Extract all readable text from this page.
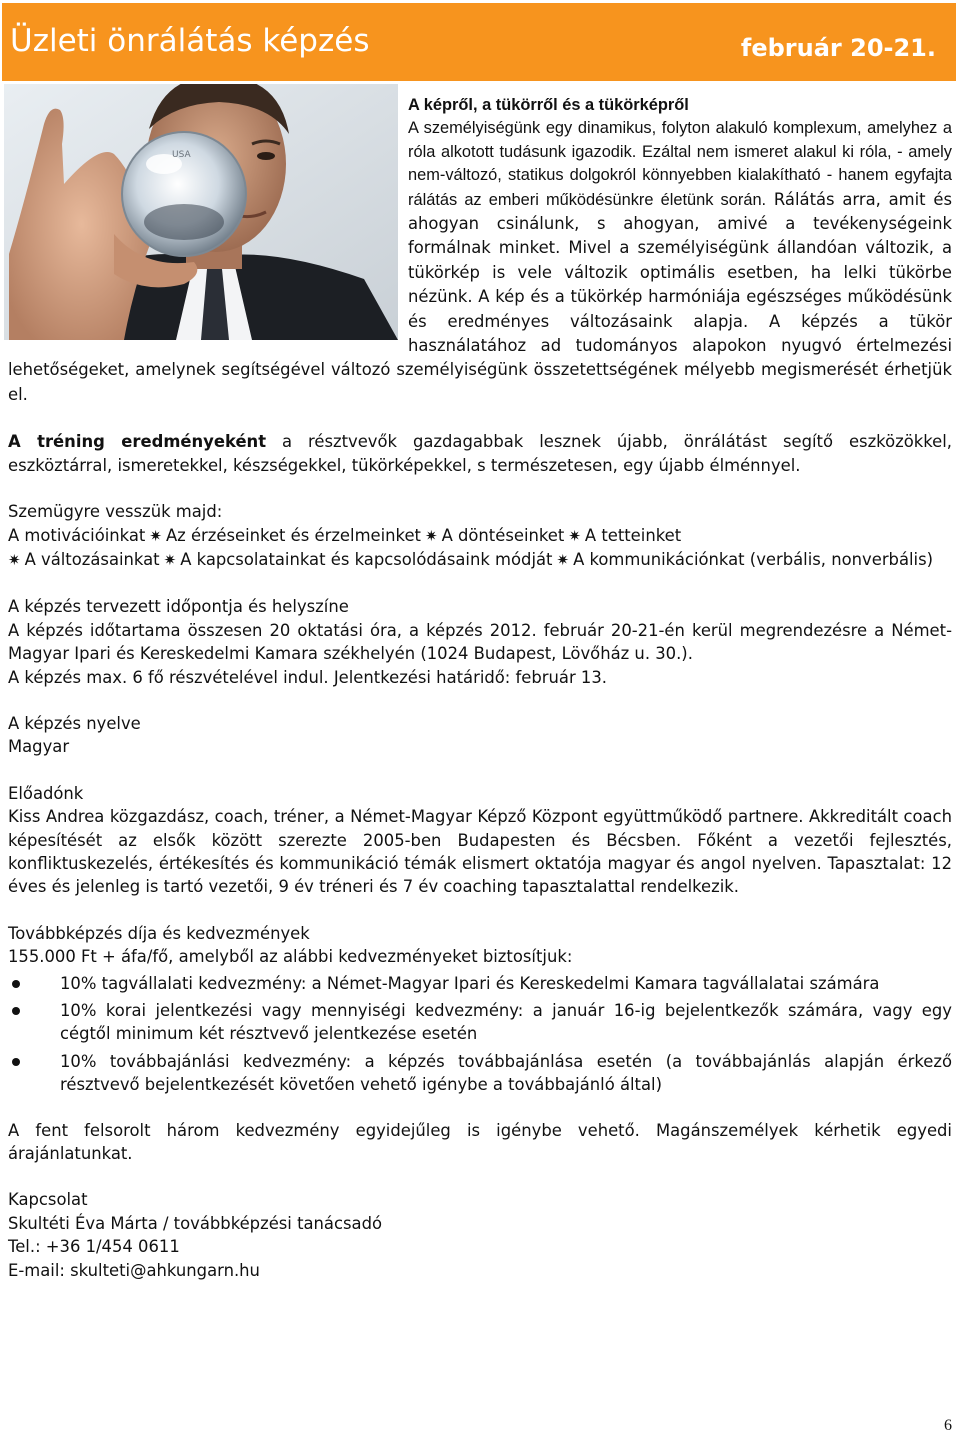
Üzleti önrálátás képzés	február 20-21.
USA

A képről, a tükörről és a tükörképről
A személyiségünk egy dinamikus, folyton alakuló komplexum, amelyhez a róla alkotott tudásunk igazodik. Ezáltal nem ismeret alakul ki róla, - amely nem-változó, statikus dolgokról könnyebben kialakítható - hanem egyfajta rálátás az emberi működésünkre életünk során. Rálátás arra, amit és ahogyan csinálunk, s ahogyan, amivé a tevékenységeink formálnak minket. Mivel a személyiségünk állandóan változik, a tükörkép is vele változik optimális esetben, ha lelki tükörbe nézünk. A kép és a tükörkép harmóniája egészséges működésünk és eredményes változásaink alapja. A képzés a tükör használatához ad tudományos alapokon nyugvó értelmezési lehetőségeket, amelynek segítségével változó személyiségünk összetettségének mélyebb megismerését érhetjük el.

A tréning eredményeként a résztvevők gazdagabbak lesznek újabb, önrálátást segítő eszközökkel, eszköztárral, ismeretekkel, készségekkel, tükörképekkel, s természetesen, egy újabb élménnyel.

Szemügyre vesszük majd:
A motivációinkat ✷ Az érzéseinket és érzelmeinket ✷ A döntéseinket ✷ A tetteinket
✷ A változásainkat ✷ A kapcsolatainkat és kapcsolódásaink módját ✷ A kommunikációnkat (verbális, nonverbális)
A képzés tervezett időpontja és helyszíne
A képzés időtartama összesen 20 oktatási óra, a képzés 2012. február 20-21-én kerül megrendezésre a Német-Magyar Ipari és Kereskedelmi Kamara székhelyén (1024 Budapest, Lövőház u. 30.).
A képzés max. 6 fő részvételével indul. Jelentkezési határidő: február 13.
A képzés nyelve
Magyar
Előadónk
Kiss Andrea közgazdász, coach, tréner, a Német-Magyar Képző Központ együttműködő partnere. Akkreditált coach képesítését az elsők között szerezte 2005-ben Budapesten és Bécsben. Főként a vezetői fejlesztés, konfliktuskezelés, értékesítés és kommunikáció témák elismert oktatója magyar és angol nyelven. Tapasztalat: 12 éves és jelenleg is tartó vezetői, 9 év tréneri és 7 év coaching tapasztalattal rendelkezik.
Továbbképzés díja és kedvezmények
155.000 Ft + áfa/fő, amelyből az alábbi kedvezményeket biztosítjuk:
10% tagvállalati kedvezmény: a Német-Magyar Ipari és Kereskedelmi Kamara tagvállalatai számára
10% korai jelentkezési vagy mennyiségi kedvezmény: a január 16-ig bejelentkezők számára, vagy egy cégtől minimum két résztvevő jelentkezése esetén
10% továbbajánlási kedvezmény: a képzés továbbajánlása esetén (a továbbajánlás alapján érkező résztvevő bejelentkezését követően vehető igénybe a továbbajánló által)
A fent felsorolt három kedvezmény egyidejűleg is igénybe vehető. Magánszemélyek kérhetik egyedi árajánlatunkat.
Kapcsolat
Skultéti Éva Márta / továbbképzési tanácsadó
Tel.: +36 1/454 0611
E-mail: skulteti@ahkungarn.hu
6
